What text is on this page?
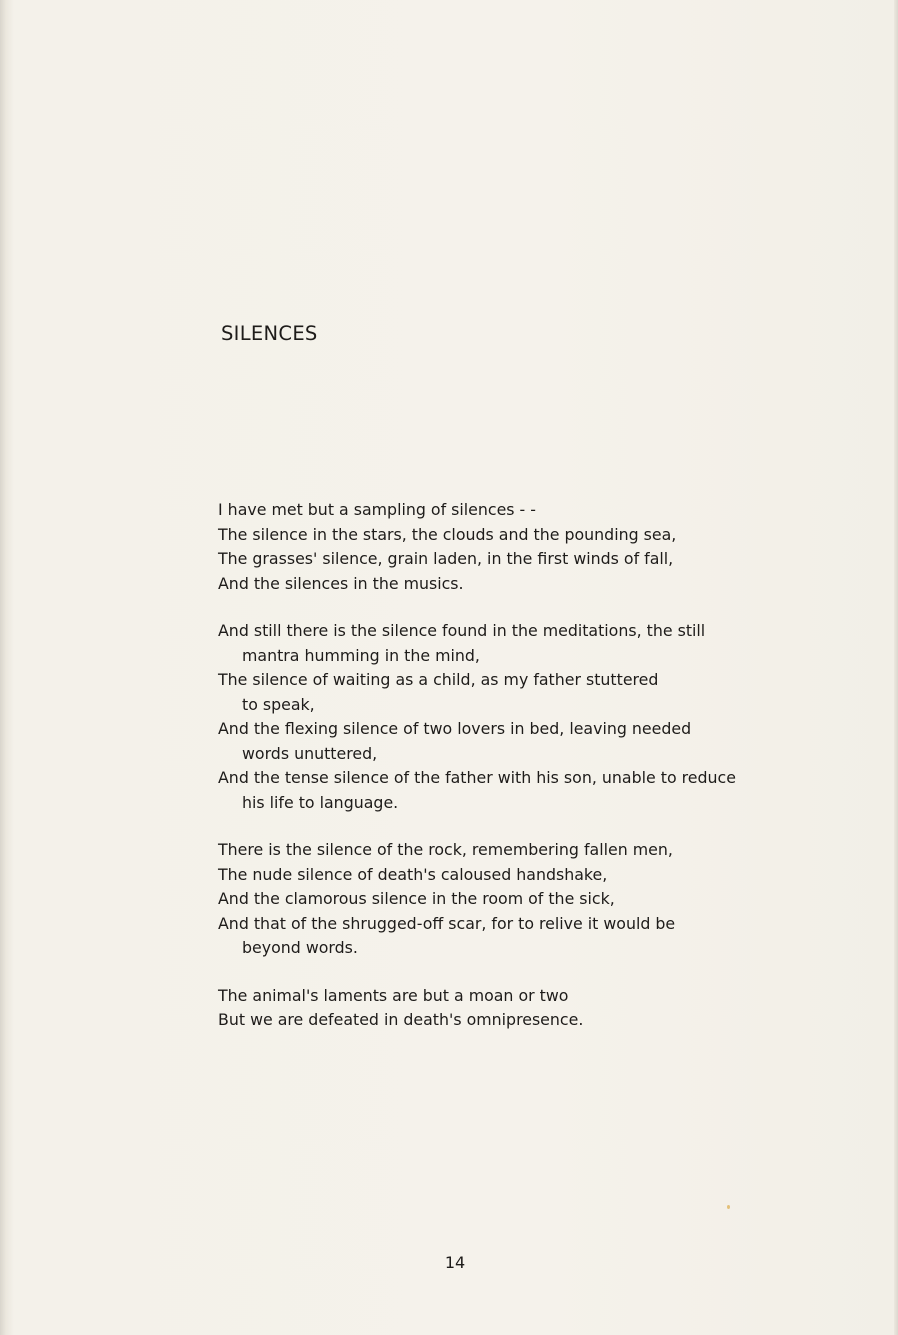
SILENCES
I have met but a sampling of silences - -
The silence in the stars, the clouds and the pounding sea,
The grasses' silence, grain laden, in the first winds of fall,
And the silences in the musics.
And still there is the silence found in the meditations, the still
mantra humming in the mind,
The silence of waiting as a child, as my father stuttered
to speak,
And the flexing silence of two lovers in bed, leaving needed
words unuttered,
And the tense silence of the father with his son, unable to reduce
his life to language.
There is the silence of the rock, remembering fallen men,
The nude silence of death's caloused handshake,
And the clamorous silence in the room of the sick,
And that of the shrugged-off scar, for to relive it would be
beyond words.
The animal's laments are but a moan or two
But we are defeated in death's omnipresence.
14
